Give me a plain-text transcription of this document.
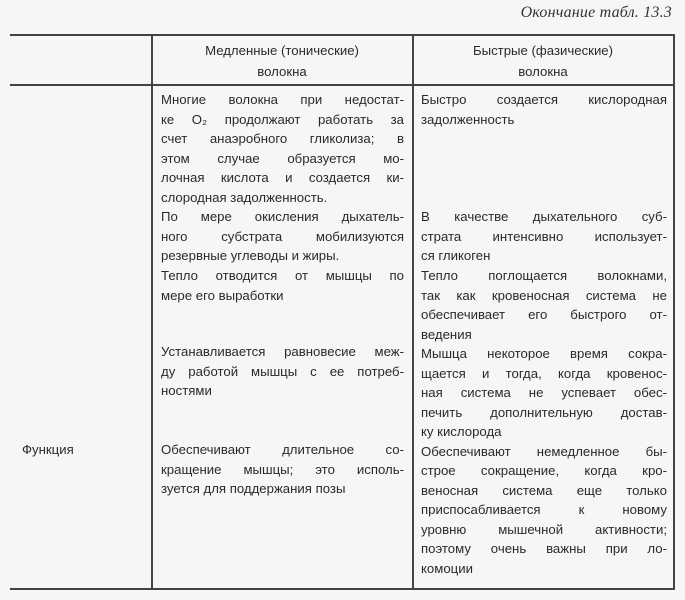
Окончание табл. 13.3
Медленные (тонические)
волокна
Быстрые (фазические)
волокна
Функция
Многие волокна при недостат-
ке O₂ продолжают работать за
счет анаэробного гликолиза; в
этом случае образуется мо-
лочная кислота и создается ки-
слородная задолженность.
По мере окисления дыхатель-
ного субстрата мобилизуются
резервные углеводы и жиры.
Тепло отводится от мышцы по
мере его выработки
Устанавливается равновесие меж-
ду работой мышцы с ее потреб-
ностями
Обеспечивают длительное со-
кращение мышцы; это исполь-
зуется для поддержания позы
Быстро создается кислородная
задолженность
В качестве дыхательного суб-
страта интенсивно использует-
ся гликоген
Тепло поглощается волокнами,
так как кровеносная система не
обеспечивает его быстрого от-
ведения
Мышца некоторое время сокра-
щается и тогда, когда кровенос-
ная система не успевает обес-
печить дополнительную достав-
ку кислорода
Обеспечивают немедленное бы-
строе сокращение, когда кро-
веносная система еще только
приспосабливается к новому
уровню мышечной активности;
поэтому очень важны при ло-
комоции
